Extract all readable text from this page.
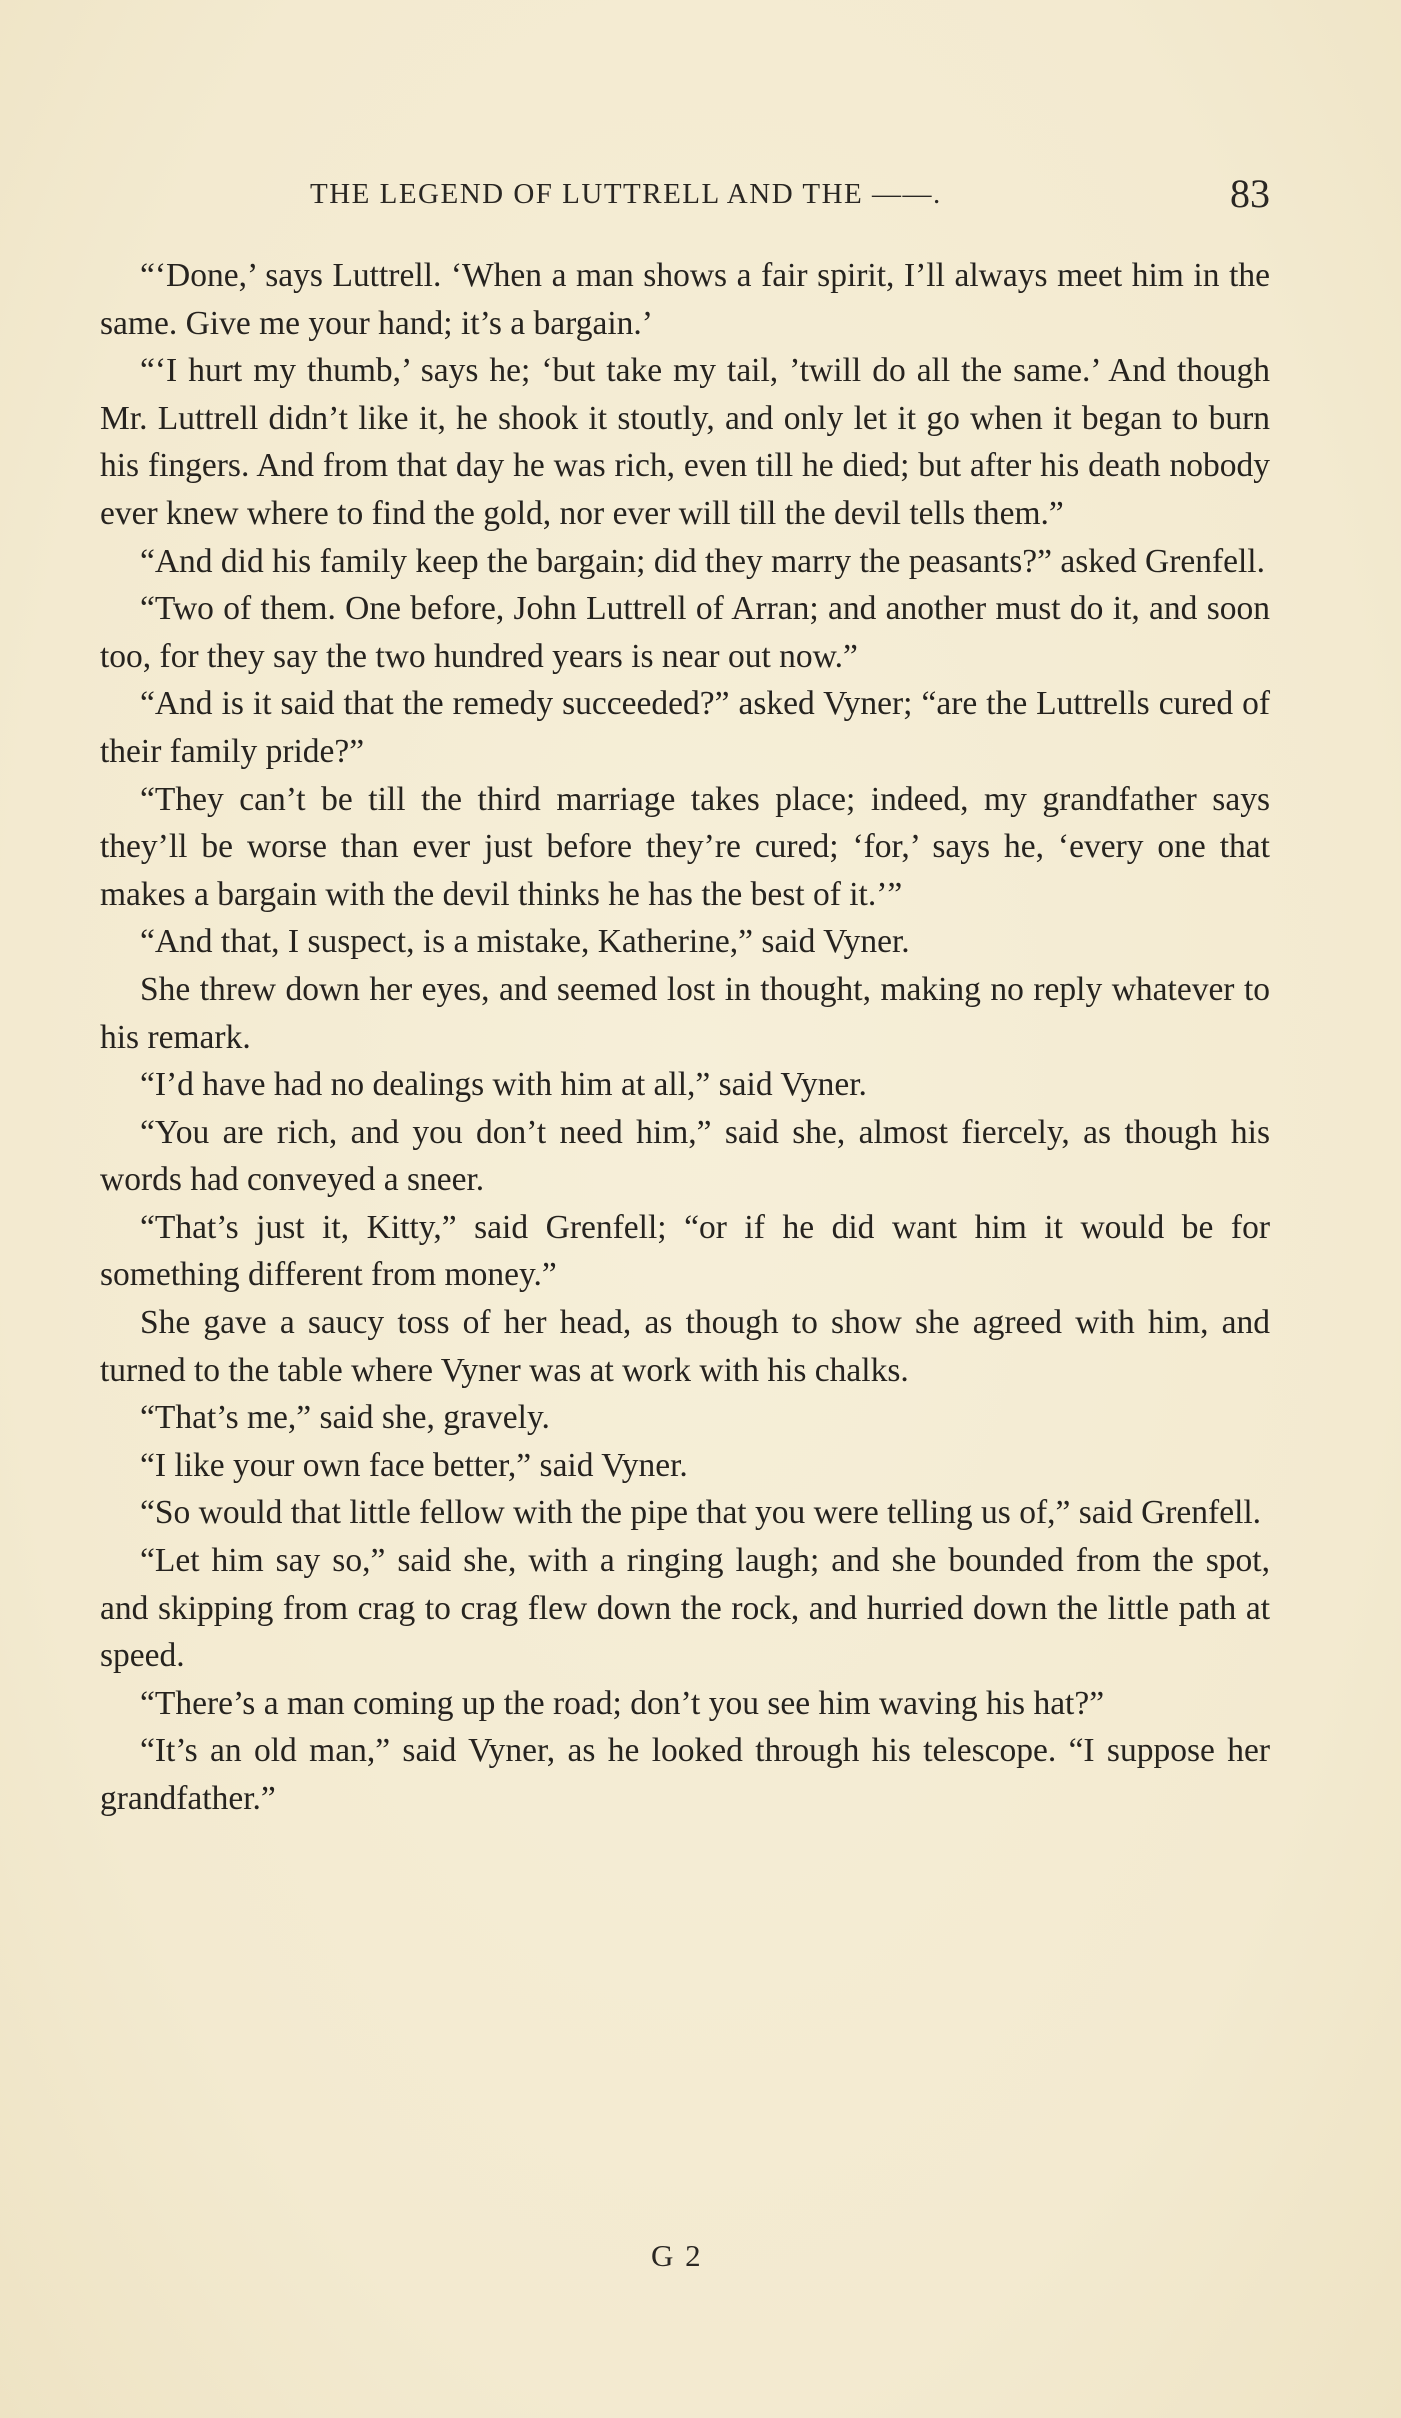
THE LEGEND OF LUTTRELL AND THE ——.	83

“‘Done,’ says Luttrell. ‘When a man shows a fair spirit, I’ll always meet him in the same. Give me your hand; it’s a bargain.’

“‘I hurt my thumb,’ says he; ‘but take my tail, ’twill do all the same.’ And though Mr. Luttrell didn’t like it, he shook it stoutly, and only let it go when it began to burn his fingers. And from that day he was rich, even till he died; but after his death nobody ever knew where to find the gold, nor ever will till the devil tells them.”

“And did his family keep the bargain; did they marry the peasants?” asked Grenfell.

“Two of them. One before, John Luttrell of Arran; and another must do it, and soon too, for they say the two hundred years is near out now.”

“And is it said that the remedy succeeded?” asked Vyner; “are the Luttrells cured of their family pride?”

“They can’t be till the third marriage takes place; indeed, my grandfather says they’ll be worse than ever just before they’re cured; ‘for,’ says he, ‘every one that makes a bargain with the devil thinks he has the best of it.’”

“And that, I suspect, is a mistake, Katherine,” said Vyner.

She threw down her eyes, and seemed lost in thought, making no reply whatever to his remark.

“I’d have had no dealings with him at all,” said Vyner.

“You are rich, and you don’t need him,” said she, almost fiercely, as though his words had conveyed a sneer.

“That’s just it, Kitty,” said Grenfell; “or if he did want him it would be for something different from money.”

She gave a saucy toss of her head, as though to show she agreed with him, and turned to the table where Vyner was at work with his chalks.

“That’s me,” said she, gravely.

“I like your own face better,” said Vyner.

“So would that little fellow with the pipe that you were telling us of,” said Grenfell.

“Let him say so,” said she, with a ringing laugh; and she bounded from the spot, and skipping from crag to crag flew down the rock, and hurried down the little path at speed.

“There’s a man coming up the road; don’t you see him waving his hat?”

“It’s an old man,” said Vyner, as he looked through his telescope. “I suppose her grandfather.”

G 2
